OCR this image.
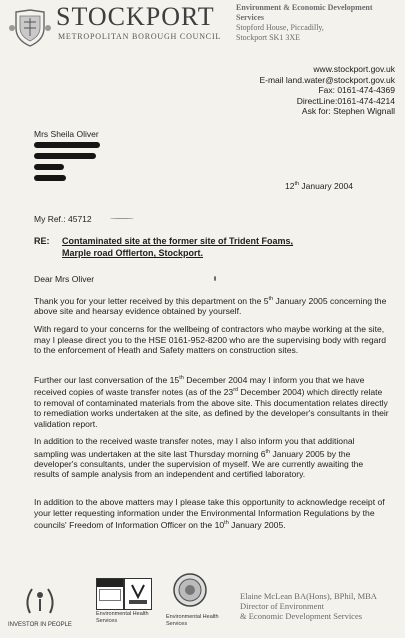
STOCKPORT
METROPOLITAN BOROUGH COUNCIL
Environment & Economic Development
Services
Stopford House, Piccadilly,
Stockport SK1 3XE
www.stockport.gov.uk
E-mail land.water@stockport.gov.uk
Fax: 0161-474-4369
DirectLine:0161-474-4214
Ask for: Stephen Wignall
Mrs Sheila Oliver
12th January 2004
My Ref.: 45712
RE: Contaminated site at the former site of Trident Foams,
Marple road Offlerton, Stockport.
Dear Mrs Oliver

Thank you for your letter received by this department on the 5th January 2005 concerning the above site and hearsay evidence obtained by yourself.

With regard to your concerns for the wellbeing of contractors who maybe working at the site, may I please direct you to the HSE 0161-952-8200 who are the supervising body with regard to the enforcement of Heath and Safety matters on construction sites.

Further our last conversation of the 15th December 2004 may I inform you that we have received copies of waste transfer notes (as of the 23rd December 2004) which directly relate to removal of contaminated materials from the above site. This documentation relates directly to remediation works undertaken at the site, as defined by the developer's consultants in their validation report.

In addition to the received waste transfer notes, may I also inform you that additional sampling was undertaken at the site last Thursday morning 6th January 2005 by the developer's consultants, under the supervision of myself. We are currently awaiting the results of sample analysis from an independent and certified laboratory.

In addition to the above matters may I please take this opportunity to acknowledge receipt of your letter requesting information under the Environmental Information Regulations by the councils' Freedom of Information Officer on the 10th January 2005.

INVESTOR IN PEOPLE
Environmental Health
Services
Environmental Health
Services
Elaine McLean BA(Hons), BPhil, MBA
Director of Environment
& Economic Development Services
